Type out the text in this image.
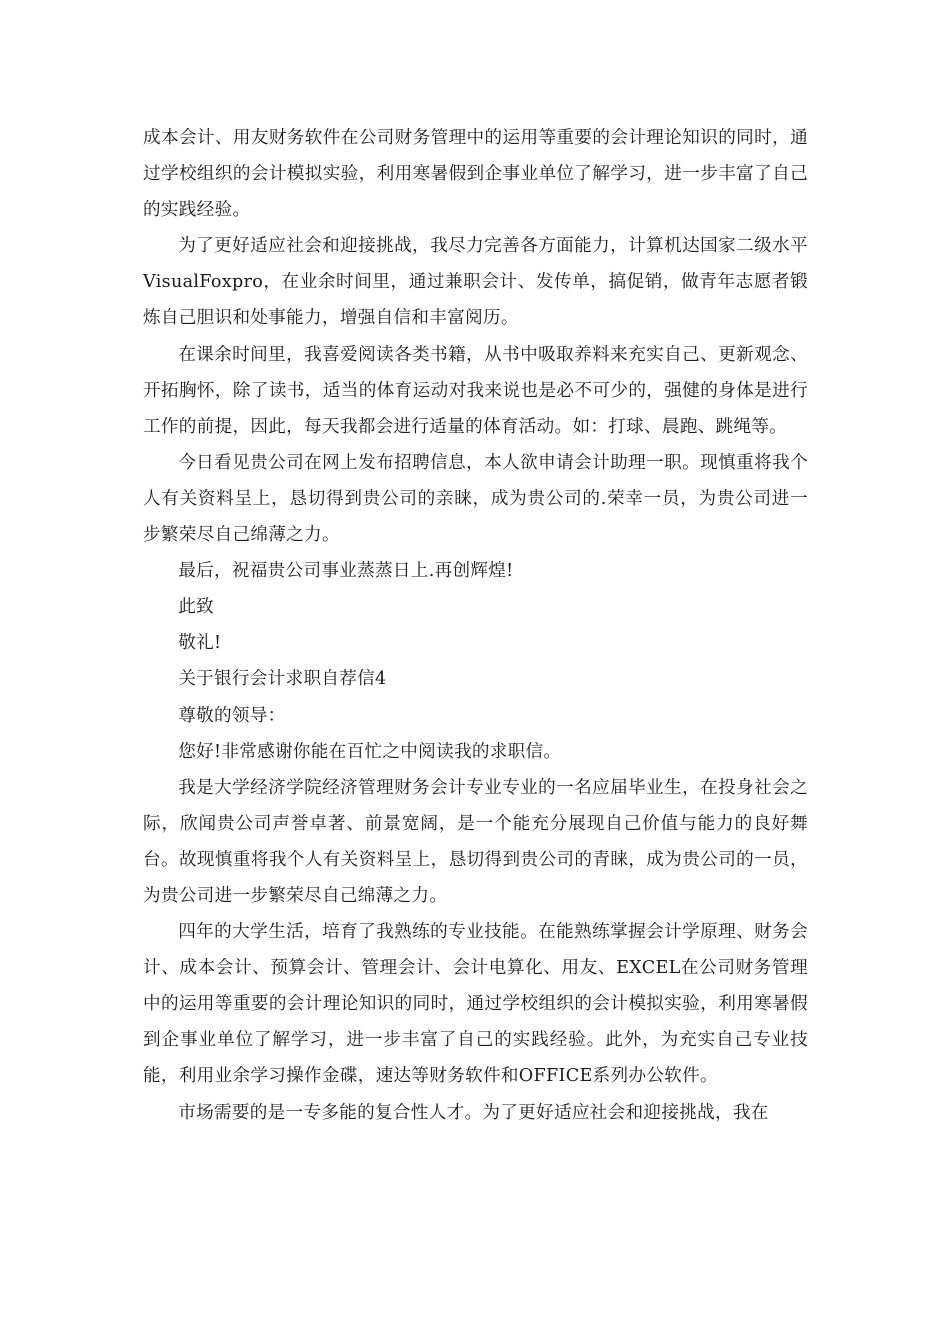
成本会计、用友财务软件在公司财务管理中的运用等重要的会计理论知识的同时，通过学校组织的会计模拟实验，利用寒暑假到企事业单位了解学习，进一步丰富了自己的实践经验。

为了更好适应社会和迎接挑战，我尽力完善各方面能力，计算机达国家二级水平VisualFoxpro，在业余时间里，通过兼职会计、发传单，搞促销，做青年志愿者锻炼自己胆识和处事能力，增强自信和丰富阅历。

在课余时间里，我喜爱阅读各类书籍，从书中吸取养料来充实自己、更新观念、开拓胸怀，除了读书，适当的体育运动对我来说也是必不可少的，强健的身体是进行工作的前提，因此，每天我都会进行适量的体育活动。如：打球、晨跑、跳绳等。

今日看见贵公司在网上发布招聘信息，本人欲申请会计助理一职。现慎重将我个人有关资料呈上，恳切得到贵公司的亲睐，成为贵公司的.荣幸一员，为贵公司进一步繁荣尽自己绵薄之力。

最后，祝福贵公司事业蒸蒸日上.再创辉煌!

此致

敬礼!

关于银行会计求职自荐信4

尊敬的领导：

您好!非常感谢你能在百忙之中阅读我的求职信。

我是大学经济学院经济管理财务会计专业专业的一名应届毕业生，在投身社会之际，欣闻贵公司声誉卓著、前景宽阔，是一个能充分展现自己价值与能力的良好舞台。故现慎重将我个人有关资料呈上，恳切得到贵公司的青睐，成为贵公司的一员，为贵公司进一步繁荣尽自己绵薄之力。

四年的大学生活，培育了我熟练的专业技能。在能熟练掌握会计学原理、财务会计、成本会计、预算会计、管理会计、会计电算化、用友、EXCEL在公司财务管理中的运用等重要的会计理论知识的同时，通过学校组织的会计模拟实验，利用寒暑假到企事业单位了解学习，进一步丰富了自己的实践经验。此外，为充实自己专业技能，利用业余学习操作金碟，速达等财务软件和OFFICE系列办公软件。

市场需要的是一专多能的复合性人才。为了更好适应社会和迎接挑战，我在
